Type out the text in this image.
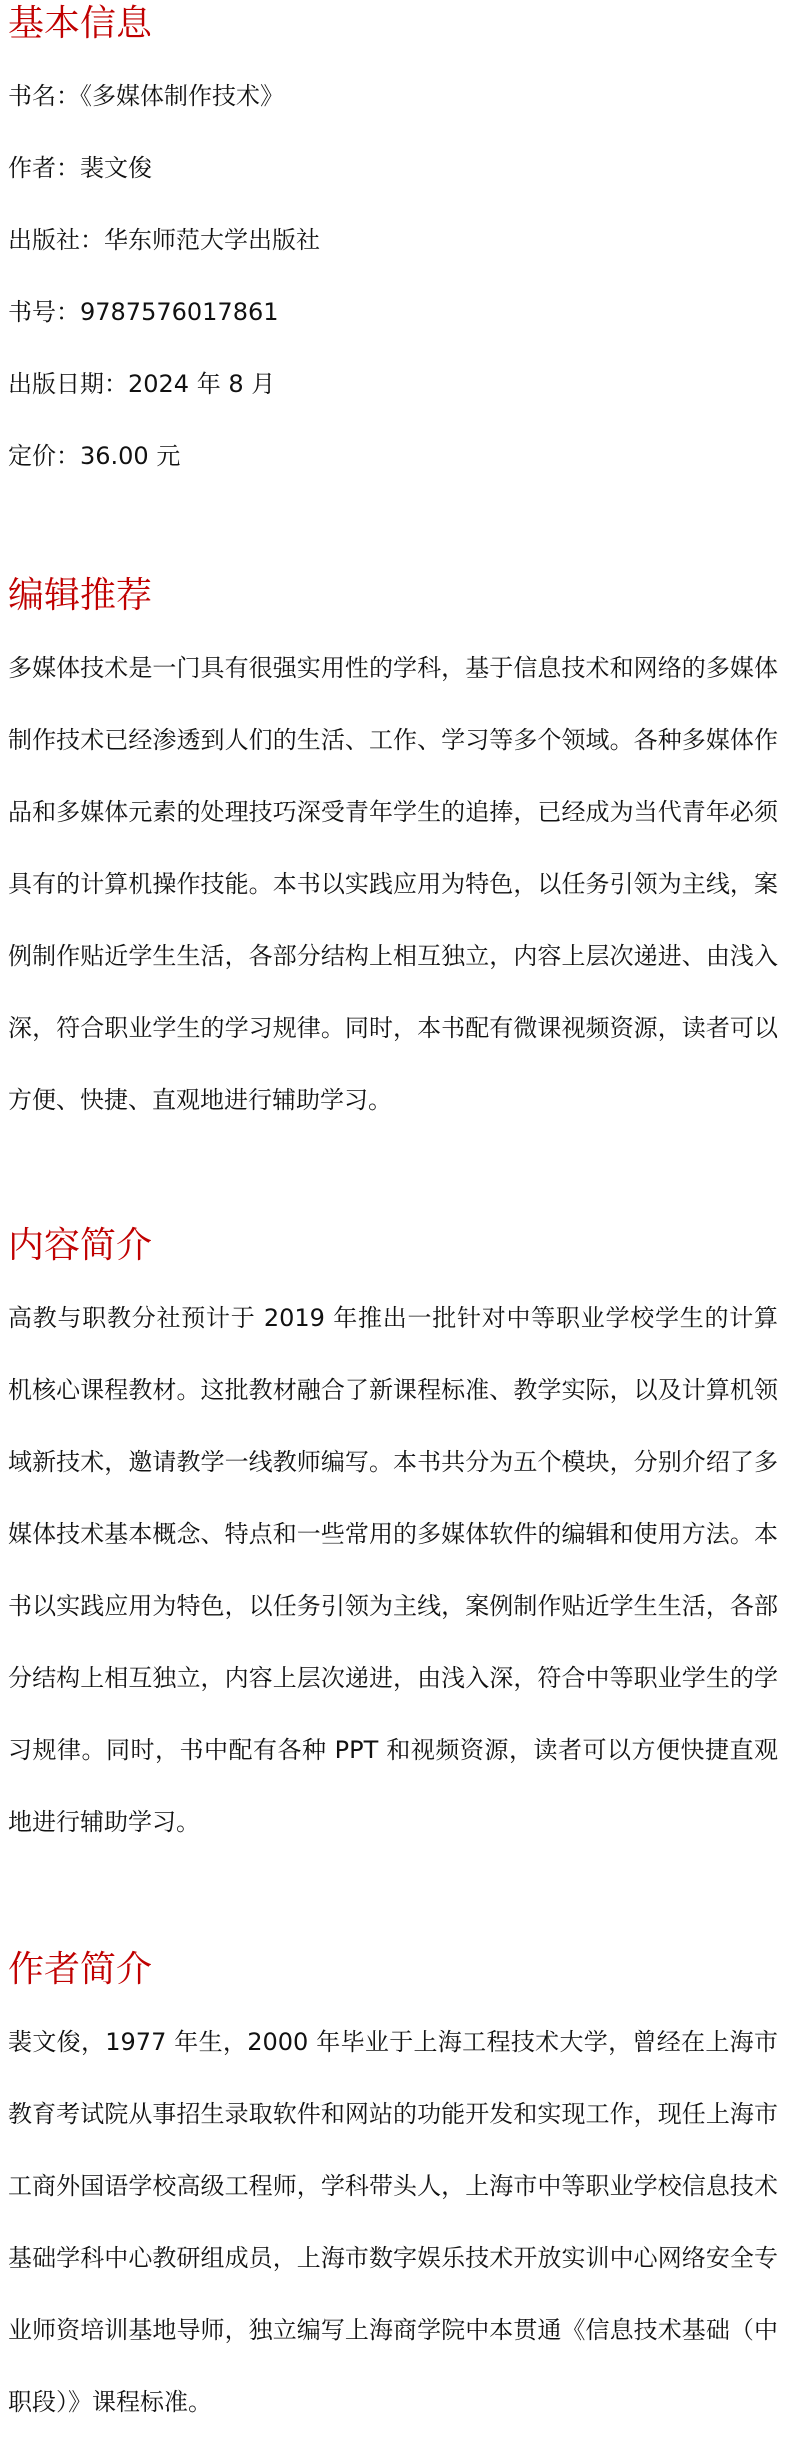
基本信息

书名：《多媒体制作技术》

作者：裴文俊

出版社：华东师范大学出版社

书号：9787576017861

出版日期：2024 年 8 月

定价：36.00 元

编辑推荐

多媒体技术是一门具有很强实用性的学科，基于信息技术和网络的多媒体制作技术已经渗透到人们的生活、工作、学习等多个领域。各种多媒体作品和多媒体元素的处理技巧深受青年学生的追捧，已经成为当代青年必须具有的计算机操作技能。本书以实践应用为特色，以任务引领为主线，案例制作贴近学生生活，各部分结构上相互独立，内容上层次递进、由浅入深，符合职业学生的学习规律。同时，本书配有微课视频资源，读者可以方便、快捷、直观地进行辅助学习。

内容简介

高教与职教分社预计于 2019 年推出一批针对中等职业学校学生的计算机核心课程教材。这批教材融合了新课程标准、教学实际，以及计算机领域新技术，邀请教学一线教师编写。本书共分为五个模块，分别介绍了多媒体技术基本概念、特点和一些常用的多媒体软件的编辑和使用方法。本书以实践应用为特色，以任务引领为主线，案例制作贴近学生生活，各部分结构上相互独立，内容上层次递进，由浅入深，符合中等职业学生的学习规律。同时，书中配有各种 PPT 和视频资源，读者可以方便快捷直观地进行辅助学习。

作者简介

裴文俊，1977 年生，2000 年毕业于上海工程技术大学，曾经在上海市教育考试院从事招生录取软件和网站的功能开发和实现工作，现任上海市工商外国语学校高级工程师，学科带头人，上海市中等职业学校信息技术基础学科中心教研组成员，上海市数字娱乐技术开放实训中心网络安全专业师资培训基地导师，独立编写上海商学院中本贯通《信息技术基础（中职段）》课程标准。
